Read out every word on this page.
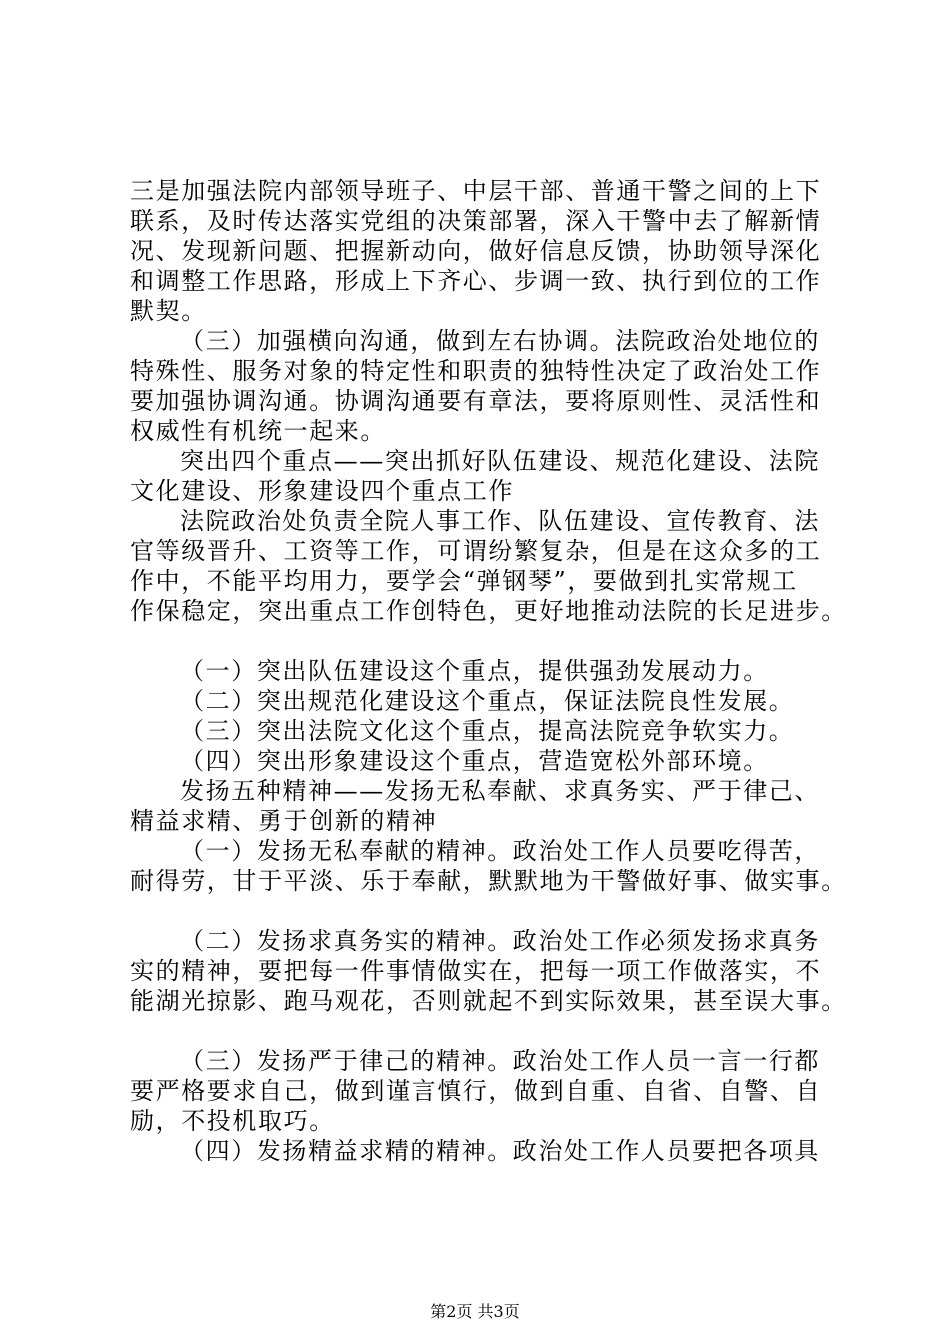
三是加强法院内部领导班子、中层干部、普通干警之间的上下
联系，及时传达落实党组的决策部署，深入干警中去了解新情
况、发现新问题、把握新动向，做好信息反馈，协助领导深化
和调整工作思路，形成上下齐心、步调一致、执行到位的工作
默契。
（三）加强横向沟通，做到左右协调。法院政治处地位的
特殊性、服务对象的特定性和职责的独特性决定了政治处工作
要加强协调沟通。协调沟通要有章法，要将原则性、灵活性和
权威性有机统一起来。
突出四个重点——突出抓好队伍建设、规范化建设、法院
文化建设、形象建设四个重点工作
法院政治处负责全院人事工作、队伍建设、宣传教育、法
官等级晋升、工资等工作，可谓纷繁复杂，但是在这众多的工
作中，不能平均用力，要学会“弹钢琴”，要做到扎实常规工
作保稳定，突出重点工作创特色，更好地推动法院的长足进步。
（一）突出队伍建设这个重点，提供强劲发展动力。
（二）突出规范化建设这个重点，保证法院良性发展。
（三）突出法院文化这个重点，提高法院竞争软实力。
（四）突出形象建设这个重点，营造宽松外部环境。
发扬五种精神——发扬无私奉献、求真务实、严于律己、
精益求精、勇于创新的精神
（一）发扬无私奉献的精神。政治处工作人员要吃得苦，
耐得劳，甘于平淡、乐于奉献，默默地为干警做好事、做实事。
（二）发扬求真务实的精神。政治处工作必须发扬求真务
实的精神，要把每一件事情做实在，把每一项工作做落实，不
能湖光掠影、跑马观花，否则就起不到实际效果，甚至误大事。
（三）发扬严于律己的精神。政治处工作人员一言一行都
要严格要求自己，做到谨言慎行，做到自重、自省、自警、自
励，不投机取巧。
（四）发扬精益求精的精神。政治处工作人员要把各项具
第2页 共3页
